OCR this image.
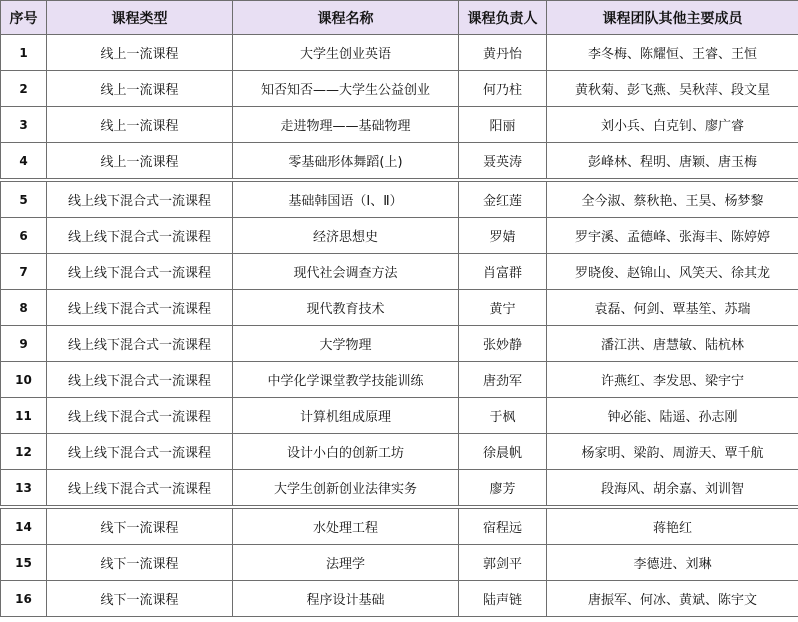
序号	课程类型	课程名称	课程负责人	课程团队其他主要成员
1	线上一流课程	大学生创业英语	黄丹怡	李冬梅、陈耀恒、王睿、王恒
2	线上一流课程	知否知否——大学生公益创业	何乃柱	黄秋菊、彭飞燕、吴秋萍、段文星
3	线上一流课程	走进物理——基础物理	阳丽	刘小兵、白克钊、廖广睿
4	线上一流课程	零基础形体舞蹈(上)	聂英涛	彭峰林、程明、唐颖、唐玉梅
5	线上线下混合式一流课程	基础韩国语（Ⅰ、Ⅱ）	金红莲	全今淑、蔡秋艳、王昊、杨梦黎
6	线上线下混合式一流课程	经济思想史	罗婧	罗宇溪、孟德峰、张海丰、陈婷婷
7	线上线下混合式一流课程	现代社会调查方法	肖富群	罗晓俊、赵锦山、风笑天、徐其龙
8	线上线下混合式一流课程	现代教育技术	黄宁	袁磊、何剑、覃基笙、苏瑞
9	线上线下混合式一流课程	大学物理	张妙静	潘江洪、唐慧敏、陆杭林
10	线上线下混合式一流课程	中学化学课堂教学技能训练	唐劲军	许燕红、李发思、梁宇宁
11	线上线下混合式一流课程	计算机组成原理	于枫	钟必能、陆遥、孙志刚
12	线上线下混合式一流课程	设计小白的创新工坊	徐晨帆	杨家明、梁韵、周游天、覃千航
13	线上线下混合式一流课程	大学生创新创业法律实务	廖芳	段海风、胡余嘉、刘训智
14	线下一流课程	水处理工程	宿程远	蒋艳红
15	线下一流课程	法理学	郭剑平	李德进、刘琳
16	线下一流课程	程序设计基础	陆声链	唐振军、何冰、黄斌、陈宇文
